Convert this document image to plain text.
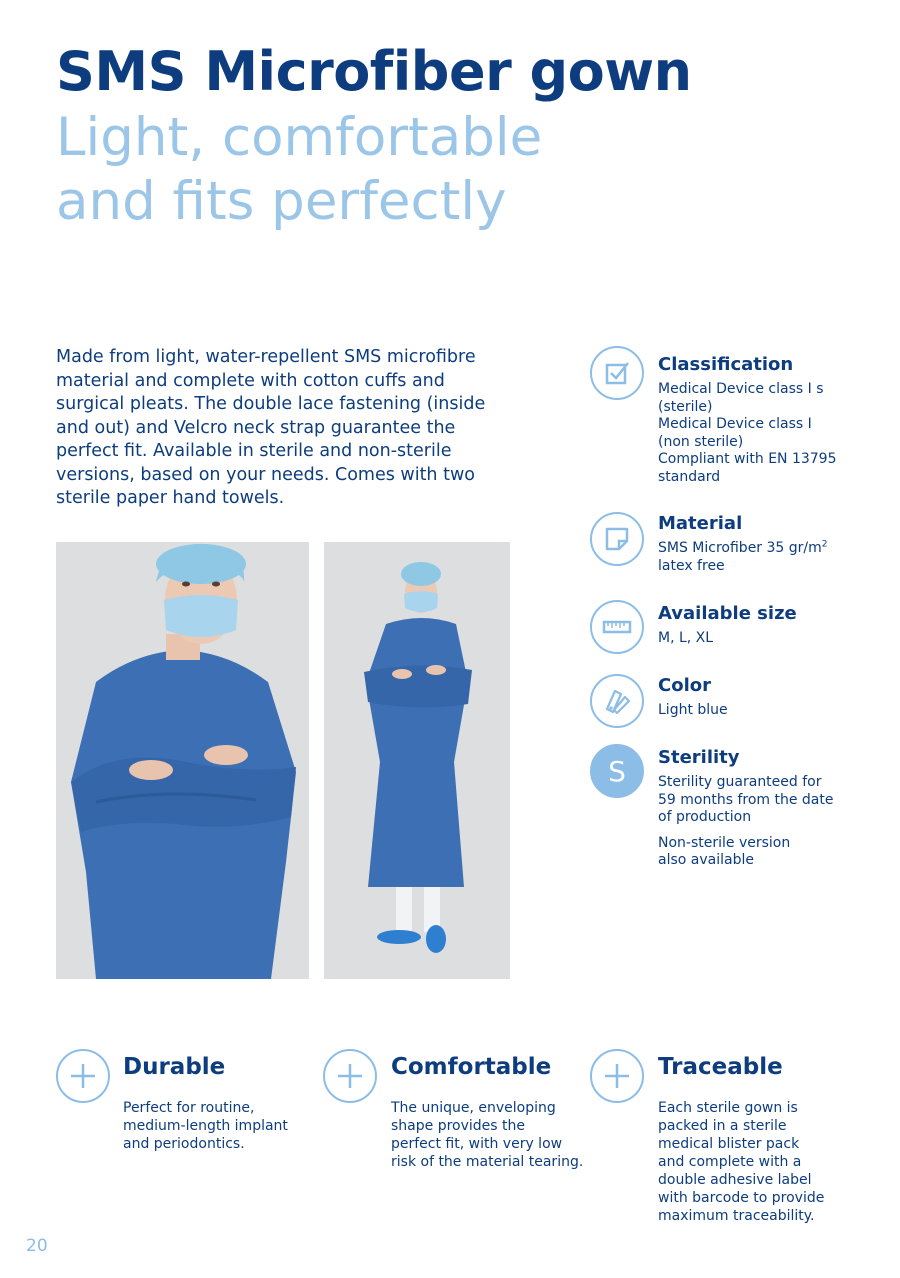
SMS Microfiber gown
Light, comfortable
and fits perfectly

Made from light, water-repellent SMS microfibre material and complete with cotton cuffs and surgical pleats. The double lace fastening (inside and out) and Velcro neck strap guarantee the perfect fit. Available in sterile and non-sterile versions, based on your needs. Comes with two sterile paper hand towels.

Classification
Medical Device class I s
(sterile)
Medical Device class I
(non sterile)
Compliant with EN 13795
standard
Material
SMS Microfiber 35 $gr/m^2$
latex free
Available size
M, L, XL
Color
Light blue
S	Sterility
Sterility guaranteed for
59 months from the date
of production
Non-sterile version
also available
Durable
Perfect for routine,
medium-length implant
and periodontics.
Comfortable
The unique, enveloping
shape provides the
perfect fit, with very low
risk of the material tearing.
Traceable
Each sterile gown is
packed in a sterile
medical blister pack
and complete with a
double adhesive label
with barcode to provide
maximum traceability.
20
